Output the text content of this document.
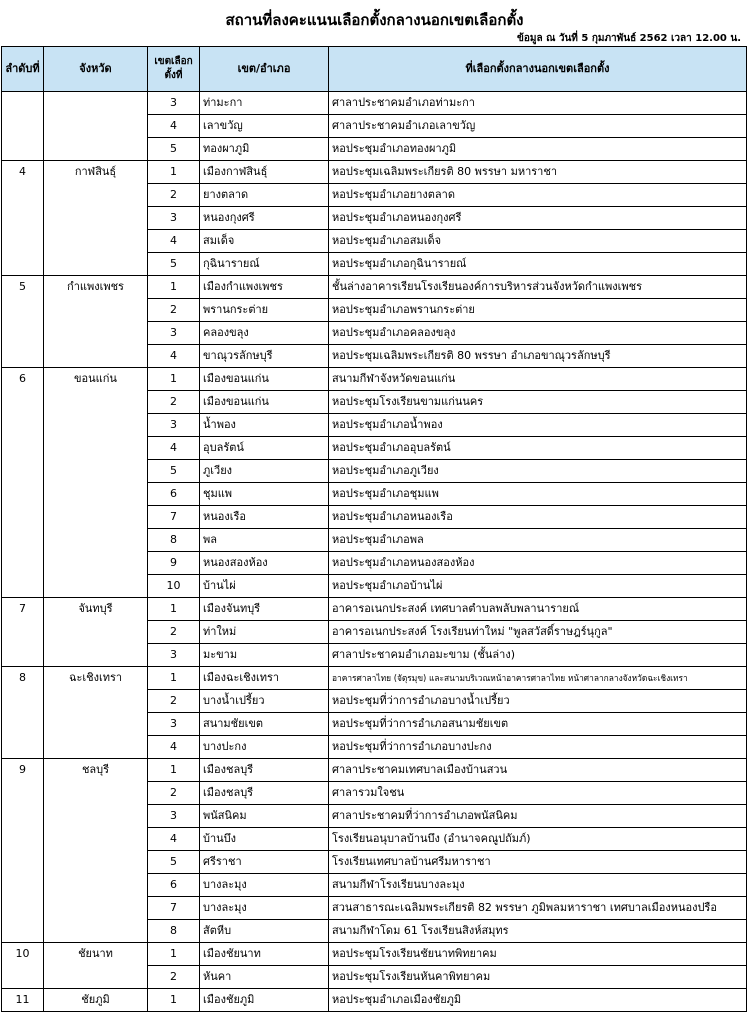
สถานที่ลงคะแนนเลือกตั้งกลางนอกเขตเลือกตั้ง
ข้อมูล ณ วันที่ 5 กุมภาพันธ์ 2562 เวลา 12.00 น.
ลำดับที่	จังหวัด	เขตเลือกตั้งที่	เขต/อำเภอ	ที่เลือกตั้งกลางนอกเขตเลือกตั้ง
		3	ท่ามะกา	ศาลาประชาคมอำเภอท่ามะกา
		4	เลาขวัญ	ศาลาประชาคมอำเภอเลาขวัญ
		5	ทองผาภูมิ	หอประชุมอำเภอทองผาภูมิ
4	กาฬสินธุ์	1	เมืองกาฬสินธุ์	หอประชุมเฉลิมพระเกียรติ 80 พรรษา มหาราชา
		2	ยางตลาด	หอประชุมอำเภอยางตลาด
		3	หนองกุงศรี	หอประชุมอำเภอหนองกุงศรี
		4	สมเด็จ	หอประชุมอำเภอสมเด็จ
		5	กุฉินารายณ์	หอประชุมอำเภอกุฉินารายณ์
5	กำแพงเพชร	1	เมืองกำแพงเพชร	ชั้นล่างอาคารเรียนโรงเรียนองค์การบริหารส่วนจังหวัดกำแพงเพชร
		2	พรานกระต่าย	หอประชุมอำเภอพรานกระต่าย
		3	คลองขลุง	หอประชุมอำเภอคลองขลุง
		4	ขาณุวรลักษบุรี	หอประชุมเฉลิมพระเกียรติ 80 พรรษา อำเภอขาณุวรลักษบุรี
6	ขอนแก่น	1	เมืองขอนแก่น	สนามกีฬาจังหวัดขอนแก่น
		2	เมืองขอนแก่น	หอประชุมโรงเรียนขามแก่นนคร
		3	น้ำพอง	หอประชุมอำเภอน้ำพอง
		4	อุบลรัตน์	หอประชุมอำเภออุบลรัตน์
		5	ภูเวียง	หอประชุมอำเภอภูเวียง
		6	ชุมแพ	หอประชุมอำเภอชุมแพ
		7	หนองเรือ	หอประชุมอำเภอหนองเรือ
		8	พล	หอประชุมอำเภอพล
		9	หนองสองห้อง	หอประชุมอำเภอหนองสองห้อง
		10	บ้านไผ่	หอประชุมอำเภอบ้านไผ่
7	จันทบุรี	1	เมืองจันทบุรี	อาคารอเนกประสงค์ เทศบาลตำบลพลับพลานารายณ์
		2	ท่าใหม่	อาคารอเนกประสงค์ โรงเรียนท่าใหม่ "พูลสวัสดิ์ราษฎร์นุกูล"
		3	มะขาม	ศาลาประชาคมอำเภอมะขาม (ชั้นล่าง)
8	ฉะเชิงเทรา	1	เมืองฉะเชิงเทรา	อาคารศาลาไทย (จัตุรมุข) และสนามบริเวณหน้าอาคารศาลาไทย หน้าศาลากลางจังหวัดฉะเชิงเทรา
		2	บางน้ำเปรี้ยว	หอประชุมที่ว่าการอำเภอบางน้ำเปรี้ยว
		3	สนามชัยเขต	หอประชุมที่ว่าการอำเภอสนามชัยเขต
		4	บางปะกง	หอประชุมที่ว่าการอำเภอบางปะกง
9	ชลบุรี	1	เมืองชลบุรี	ศาลาประชาคมเทศบาลเมืองบ้านสวน
		2	เมืองชลบุรี	ศาลารวมใจชน
		3	พนัสนิคม	ศาลาประชาคมที่ว่าการอำเภอพนัสนิคม
		4	บ้านบึง	โรงเรียนอนุบาลบ้านบึง (อำนาจคณูปถัมภ์)
		5	ศรีราชา	โรงเรียนเทศบาลบ้านศรีมหาราชา
		6	บางละมุง	สนามกีฬาโรงเรียนบางละมุง
		7	บางละมุง	สวนสาธารณะเฉลิมพระเกียรติ 82 พรรษา ภูมิพลมหาราชา เทศบาลเมืองหนองปรือ
		8	สัตหีบ	สนามกีฬาโดม 61 โรงเรียนสิงห์สมุทร
10	ชัยนาท	1	เมืองชัยนาท	หอประชุมโรงเรียนชัยนาทพิทยาคม
		2	หันคา	หอประชุมโรงเรียนหันคาพิทยาคม
11	ชัยภูมิ	1	เมืองชัยภูมิ	หอประชุมอำเภอเมืองชัยภูมิ
